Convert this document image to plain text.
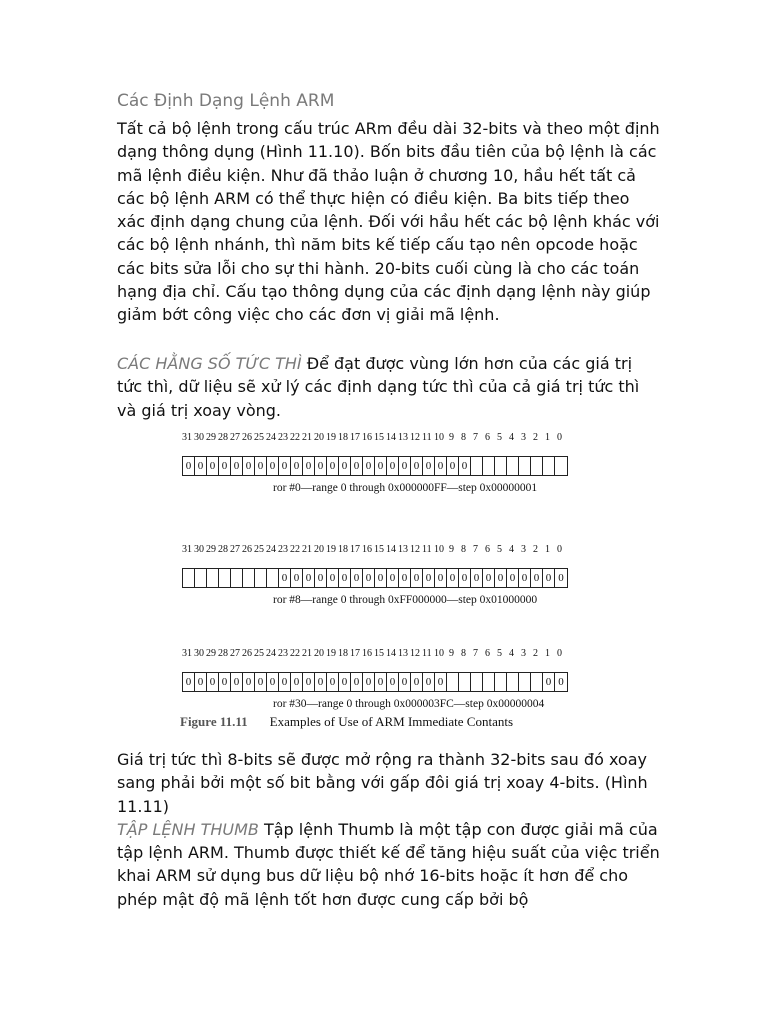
Các Định Dạng Lệnh ARM
Tất cả bộ lệnh trong cấu trúc ARm đều dài 32-bits và theo một định dạng thông dụng (Hình 11.10). Bốn bits đầu tiên của bộ lệnh là các mã lệnh điều kiện. Như đã thảo luận ở chương 10, hầu hết tất cả các bộ lệnh ARM có thể thực hiện có điều kiện. Ba bits tiếp theo xác định dạng chung của lệnh. Đối với hầu hết các bộ lệnh khác với các bộ lệnh nhánh, thì năm bits kế tiếp cấu tạo nên opcode hoặc các bits sửa lỗi cho sự thi hành. 20-bits cuối cùng là cho các toán hạng địa chỉ. Cấu tạo thông dụng của các định dạng lệnh này giúp giảm bớt công việc cho các đơn vị giải mã lệnh.
CÁC HẰNG SỐ TỨC THÌ Để đạt được vùng lớn hơn của các giá trị tức thì, dữ liệu sẽ xử lý các định dạng tức thì của cả giá trị tức thì và giá trị xoay vòng.
31 30 29 28 27 26 25 24 23 22 21 20 19 18 17 16 15 14 13 12 11 10 9 8 7 6 5 4 3 2 1 0
0 0 0 0 0 0 0 0 0 0 0 0 0 0 0 0 0 0 0 0 0 0 0 0
ror #0—range 0 through 0x000000FF—step 0x00000001
31 30 29 28 27 26 25 24 23 22 21 20 19 18 17 16 15 14 13 12 11 10 9 8 7 6 5 4 3 2 1 0
0 0 0 0 0 0 0 0 0 0 0 0 0 0 0 0 0 0 0 0 0 0 0 0
ror #8—range 0 through 0xFF000000—step 0x01000000
31 30 29 28 27 26 25 24 23 22 21 20 19 18 17 16 15 14 13 12 11 10 9 8 7 6 5 4 3 2 1 0
0 0 0 0 0 0 0 0 0 0 0 0 0 0 0 0 0 0 0 0 0 0	0 0
ror #30—range 0 through 0x000003FC—step 0x00000004
Figure 11.11 Examples of Use of ARM Immediate Contants
Giá trị tức thì 8-bits sẽ được mở rộng ra thành 32-bits sau đó xoay sang phải bởi một số bit bằng với gấp đôi giá trị xoay 4-bits. (Hình 11.11)
TẬP LỆNH THUMB Tập lệnh Thumb là một tập con được giải mã của tập lệnh ARM. Thumb được thiết kế để tăng hiệu suất của việc triển khai ARM sử dụng bus dữ liệu bộ nhớ 16-bits hoặc ít hơn để cho phép mật độ mã lệnh tốt hơn được cung cấp bởi bộ
